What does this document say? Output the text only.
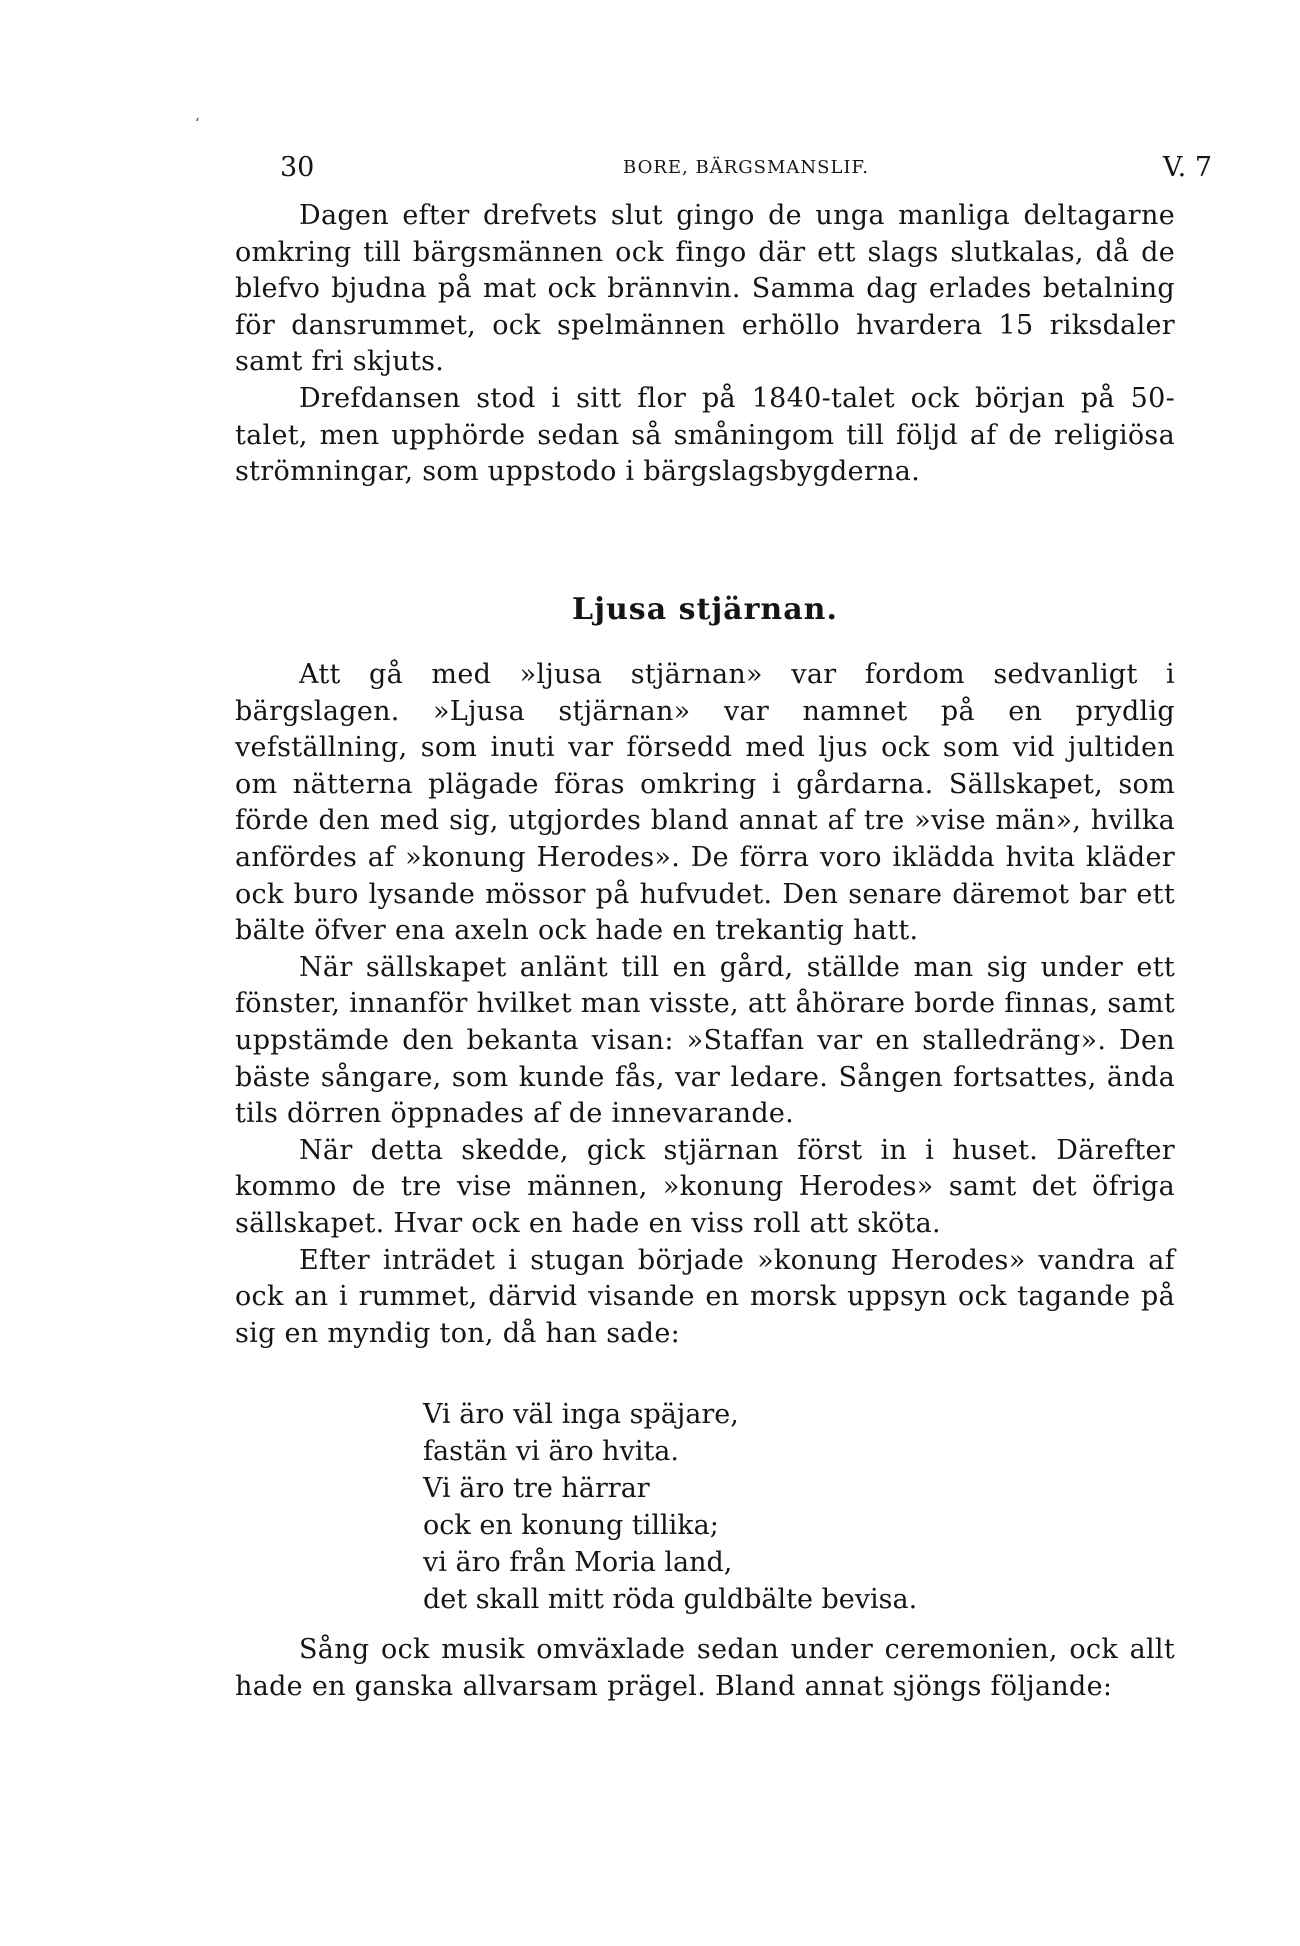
‘
30	BORE, BÄRGSMANSLIF.	V. 7

Dagen efter drefvets slut gingo de unga manliga deltagarne omkring till bärgsmännen ock fingo där ett slags slutkalas, då de blefvo bjudna på mat ock brännvin. Samma dag erlades betalning för dansrummet, ock spelmännen erhöllo hvardera 15 riksdaler samt fri skjuts.

Drefdansen stod i sitt flor på 1840-talet ock början på 50-talet, men upphörde sedan så småningom till följd af de religiösa strömningar, som uppstodo i bärgslagsbygderna.

Ljusa stjärnan.

Att gå med »ljusa stjärnan» var fordom sedvanligt i bärgslagen. »Ljusa stjärnan» var namnet på en prydlig vefställning, som inuti var försedd med ljus ock som vid jultiden om nätterna plägade föras omkring i gårdarna. Sällskapet, som förde den med sig, utgjordes bland annat af tre »vise män», hvilka anfördes af »konung Herodes». De förra voro iklädda hvita kläder ock buro lysande mössor på hufvudet. Den senare däremot bar ett bälte öfver ena axeln ock hade en trekantig hatt.

När sällskapet anlänt till en gård, ställde man sig under ett fönster, innanför hvilket man visste, att åhörare borde finnas, samt uppstämde den bekanta visan: »Staffan var en stalledräng». Den bäste sångare, som kunde fås, var ledare. Sången fortsattes, ända tils dörren öppnades af de innevarande.

När detta skedde, gick stjärnan först in i huset. Därefter kommo de tre vise männen, »konung Herodes» samt det öfriga sällskapet. Hvar ock en hade en viss roll att sköta.

Efter inträdet i stugan började »konung Herodes» vandra af ock an i rummet, därvid visande en morsk uppsyn ock tagande på sig en myndig ton, då han sade:

Vi äro väl inga späjare,
fastän vi äro hvita.
Vi äro tre härrar
ock en konung tillika;
vi äro från Moria land,
det skall mitt röda guldbälte bevisa.

Sång ock musik omväxlade sedan under ceremonien, ock allt hade en ganska allvarsam prägel. Bland annat sjöngs följande:
